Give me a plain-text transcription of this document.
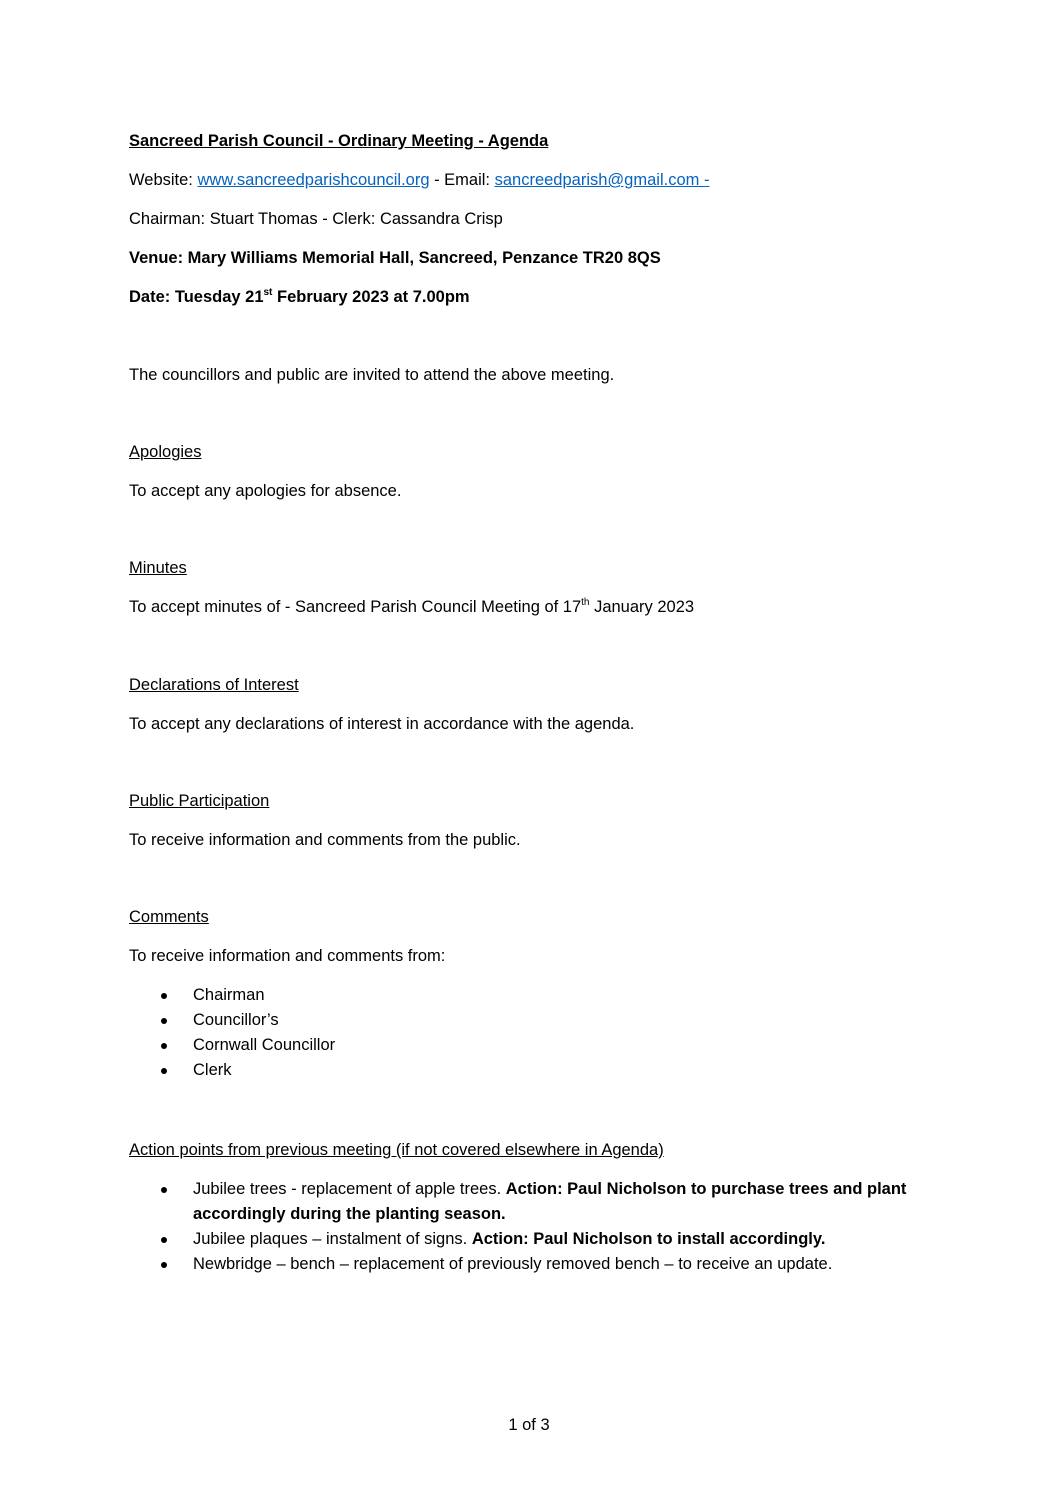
Sancreed Parish Council - Ordinary Meeting - Agenda
Website: www.sancreedparishcouncil.org - Email: sancreedparish@gmail.com -
Chairman: Stuart Thomas - Clerk: Cassandra Crisp
Venue: Mary Williams Memorial Hall, Sancreed, Penzance TR20 8QS
Date: Tuesday 21st February 2023 at 7.00pm
The councillors and public are invited to attend the above meeting.
Apologies
To accept any apologies for absence.
Minutes
To accept minutes of - Sancreed Parish Council Meeting of 17th January 2023
Declarations of Interest
To accept any declarations of interest in accordance with the agenda.
Public Participation
To receive information and comments from the public.
Comments
To receive information and comments from:
Chairman
Councillor’s
Cornwall Councillor
Clerk
Action points from previous meeting (if not covered elsewhere in Agenda)
Jubilee trees - replacement of apple trees. Action: Paul Nicholson to purchase trees and plant accordingly during the planting season.
Jubilee plaques – instalment of signs. Action: Paul Nicholson to install accordingly.
Newbridge – bench – replacement of previously removed bench – to receive an update.
1 of 3
